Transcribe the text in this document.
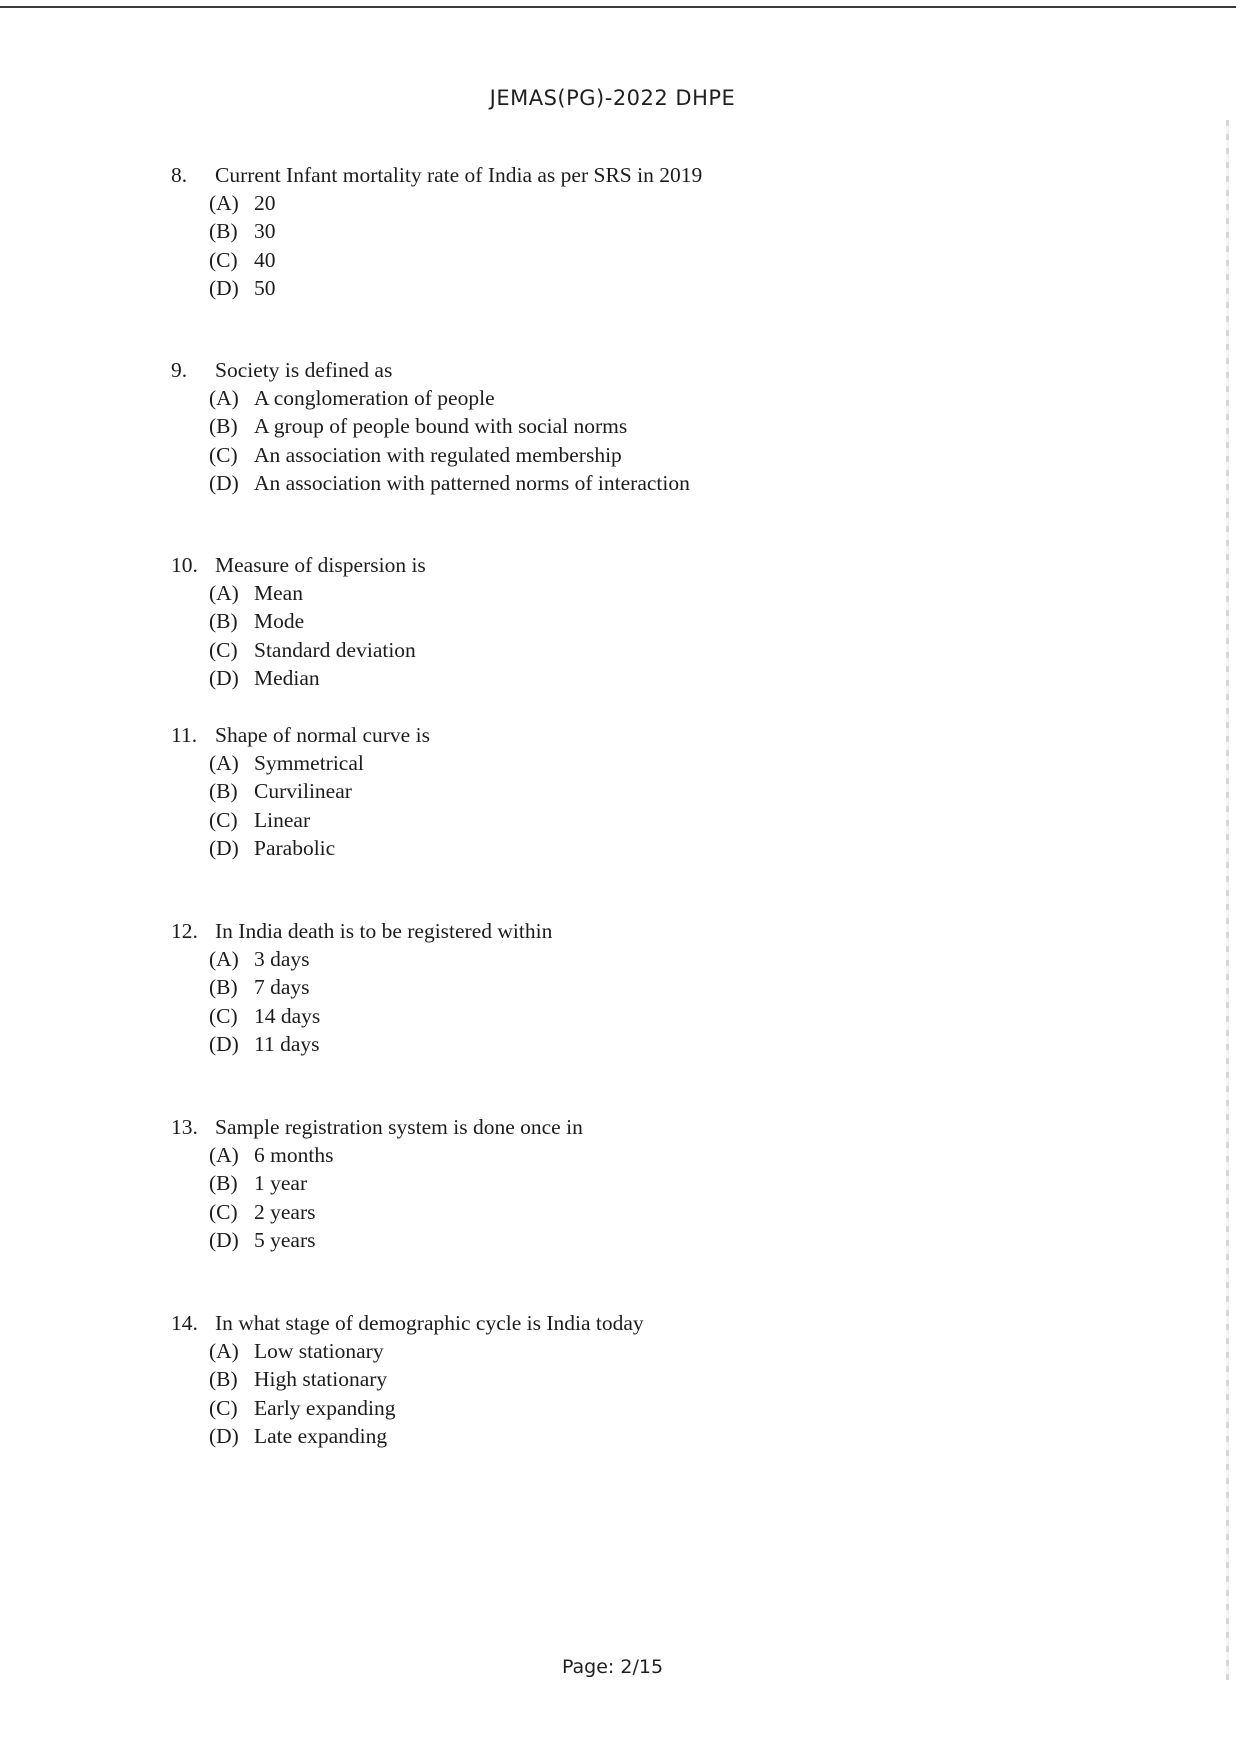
JEMAS(PG)-2022 DHPE
8.	Current Infant mortality rate of India as per SRS in 2019
(A) 20
(B) 30
(C) 40
(D) 50
9.	Society is defined as
(A) A conglomeration of people
(B) A group of people bound with social norms
(C) An association with regulated membership
(D) An association with patterned norms of interaction
10. Measure of dispersion is
(A) Mean
(B) Mode
(C) Standard deviation
(D) Median
11. Shape of normal curve is
(A) Symmetrical
(B) Curvilinear
(C) Linear
(D) Parabolic
12. In India death is to be registered within
(A) 3 days
(B) 7 days
(C) 14 days
(D) 11 days
13. Sample registration system is done once in
(A) 6 months
(B) 1 year
(C) 2 years
(D) 5 years
14. In what stage of demographic cycle is India today
(A) Low stationary
(B) High stationary
(C) Early expanding
(D) Late expanding
Page: 2/15
